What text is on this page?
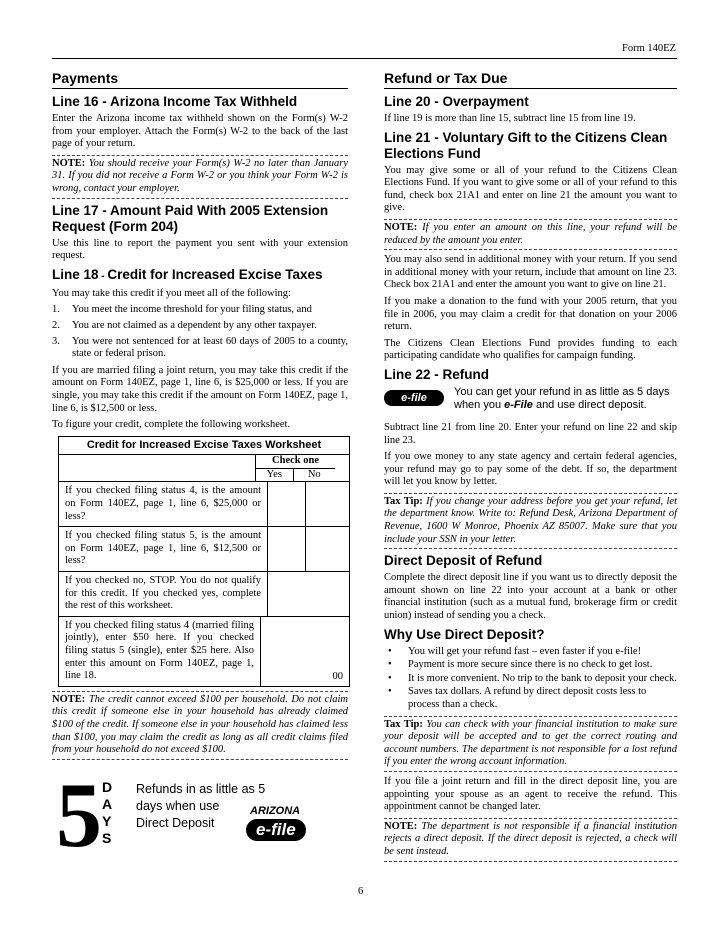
Form 140EZ
Payments
Line 16 - Arizona Income Tax Withheld

Enter the Arizona income tax withheld shown on the Form(s) W-2 from your employer. Attach the Form(s) W-2 to the back of the last page of your return.

NOTE: You should receive your Form(s) W-2 no later than January 31. If you did not receive a Form W-2 or you think your Form W-2 is wrong, contact your employer.
Line 17 - Amount Paid With 2005 Extension Request (Form 204)

Use this line to report the payment you sent with your extension request.

Line 18 - Credit for Increased Excise Taxes

You may take this credit if you meet all of the following:

1. You meet the income threshold for your filing status, and
2. You are not claimed as a dependent by any other taxpayer.
3. You were not sentenced for at least 60 days of 2005 to a county, state or federal prison.

If you are married filing a joint return, you may take this credit if the amount on Form 140EZ, page 1, line 6, is $25,000 or less. If you are single, you may take this credit if the amount on Form 140EZ, page 1, line 6, is $12,500 or less.

To figure your credit, complete the following worksheet.

Credit for Increased Excise Taxes Worksheet
Check one
Yes	No
If you checked filing status 4, is the amount on Form 140EZ, page 1, line 6, $25,000 or less?
If you checked filing status 5, is the amount on Form 140EZ, page 1, line 6, $12,500 or less?
If you checked no, STOP. You do not qualify for this credit. If you checked yes, complete the rest of this worksheet.
If you checked filing status 4 (married filing jointly), enter $50 here. If you checked filing status 5 (single), enter $25 here. Also enter this amount on Form 140EZ, page 1, line 18.	00
NOTE: The credit cannot exceed $100 per household. Do not claim this credit if someone else in your household has already claimed $100 of the credit. If someone else in your household has claimed less than $100, you may claim the credit as long as all credit claims filed from your household do not exceed $100.
5 D
A
Y
S
Refunds in as little as 5
days when use
Direct Deposit
ARIZONA
e-file
Refund or Tax Due
Line 20 - Overpayment

If line 19 is more than line 15, subtract line 15 from line 19.

Line 21 - Voluntary Gift to the Citizens Clean Elections Fund

You may give some or all of your refund to the Citizens Clean Elections Fund. If you want to give some or all of your refund to this fund, check box 21A1 and enter on line 21 the amount you want to give.

NOTE: If you enter an amount on this line, your refund will be reduced by the amount you enter.

You may also send in additional money with your return. If you send in additional money with your return, include that amount on line 23. Check box 21A1 and enter the amount you want to give on line 21.

If you make a donation to the fund with your 2005 return, that you file in 2006, you may claim a credit for that donation on your 2006 return.

The Citizens Clean Elections Fund provides funding to each participating candidate who qualifies for campaign funding.

Line 22 - Refund
e-file	You can get your refund in as little as 5 days
when you e-File and use direct deposit.

Subtract line 21 from line 20. Enter your refund on line 22 and skip line 23.

If you owe money to any state agency and certain federal agencies, your refund may go to pay some of the debt. If so, the department will let you know by letter.

Tax Tip: If you change your address before you get your refund, let the department know. Write to: Refund Desk, Arizona Department of Revenue, 1600 W Monroe, Phoenix AZ 85007. Make sure that you include your SSN in your letter.
Direct Deposit of Refund

Complete the direct deposit line if you want us to directly deposit the amount shown on line 22 into your account at a bank or other financial institution (such as a mutual fund, brokerage firm or credit union) instead of sending you a check.

Why Use Direct Deposit?
• You will get your refund fast – even faster if you e-file!
• Payment is more secure since there is no check to get lost.
• It is more convenient. No trip to the bank to deposit your check.
• Saves tax dollars. A refund by direct deposit costs less to process than a check.
Tax Tip: You can check with your financial institution to make sure your deposit will be accepted and to get the correct routing and account numbers. The department is not responsible for a lost refund if you enter the wrong account information.

If you file a joint return and fill in the direct deposit line, you are appointing your spouse as an agent to receive the refund. This appointment cannot be changed later.

NOTE: The department is not responsible if a financial institution rejects a direct deposit. If the direct deposit is rejected, a check will be sent instead.
6
